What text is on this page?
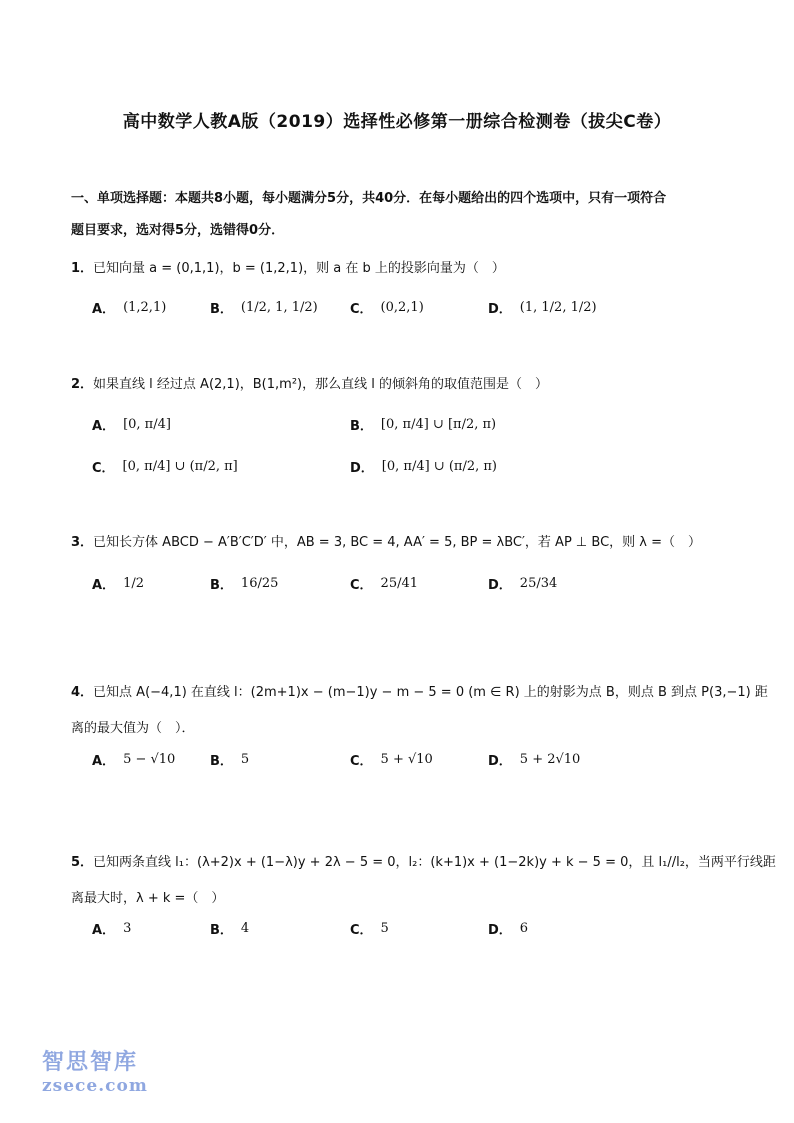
高中数学人教A版（2019）选择性必修第一册综合检测卷（拔尖C卷）
一、单项选择题：本题共8小题，每小题满分5分，共40分．在每小题给出的四个选项中，只有一项符合
题目要求，选对得5分，选错得0分．
1．已知向量 a = (0,1,1)，b = (1,2,1)，则 a 在 b 上的投影向量为（　）
A． (1,2,1)	B． (1/2, 1, 1/2) C． (0,2,1)	D． (1, 1/2, 1/2)
2．如果直线 l 经过点 A(2,1)，B(1,m²)，那么直线 l 的倾斜角的取值范围是（　）
A． [0, π/4]	B． [0, π/4] ∪ [π/2, π)
C． [0, π/4] ∪ (π/2, π]	D． [0, π/4] ∪ (π/2, π)
3．已知长方体 ABCD − A′B′C′D′ 中，AB = 3, BC = 4, AA′ = 5, BP = λBC′，若 AP ⊥ BC，则 λ =（　）
A． 1/2	B． 16/25	C． 25/41	D． 25/34
4．已知点 A(−4,1) 在直线 l：(2m+1)x − (m−1)y − m − 5 = 0 (m ∈ R) 上的射影为点 B，则点 B 到点 P(3,−1) 距
离的最大值为（　）．
A． 5 − √10	B． 5	C． 5 + √10	D． 5 + 2√10
5．已知两条直线 l₁：(λ+2)x + (1−λ)y + 2λ − 5 = 0，l₂：(k+1)x + (1−2k)y + k − 5 = 0，且 l₁//l₂，当两平行线距
离最大时，λ + k =（　）
A． 3	B． 4	C． 5	D． 6
智思智库
zsece.com
